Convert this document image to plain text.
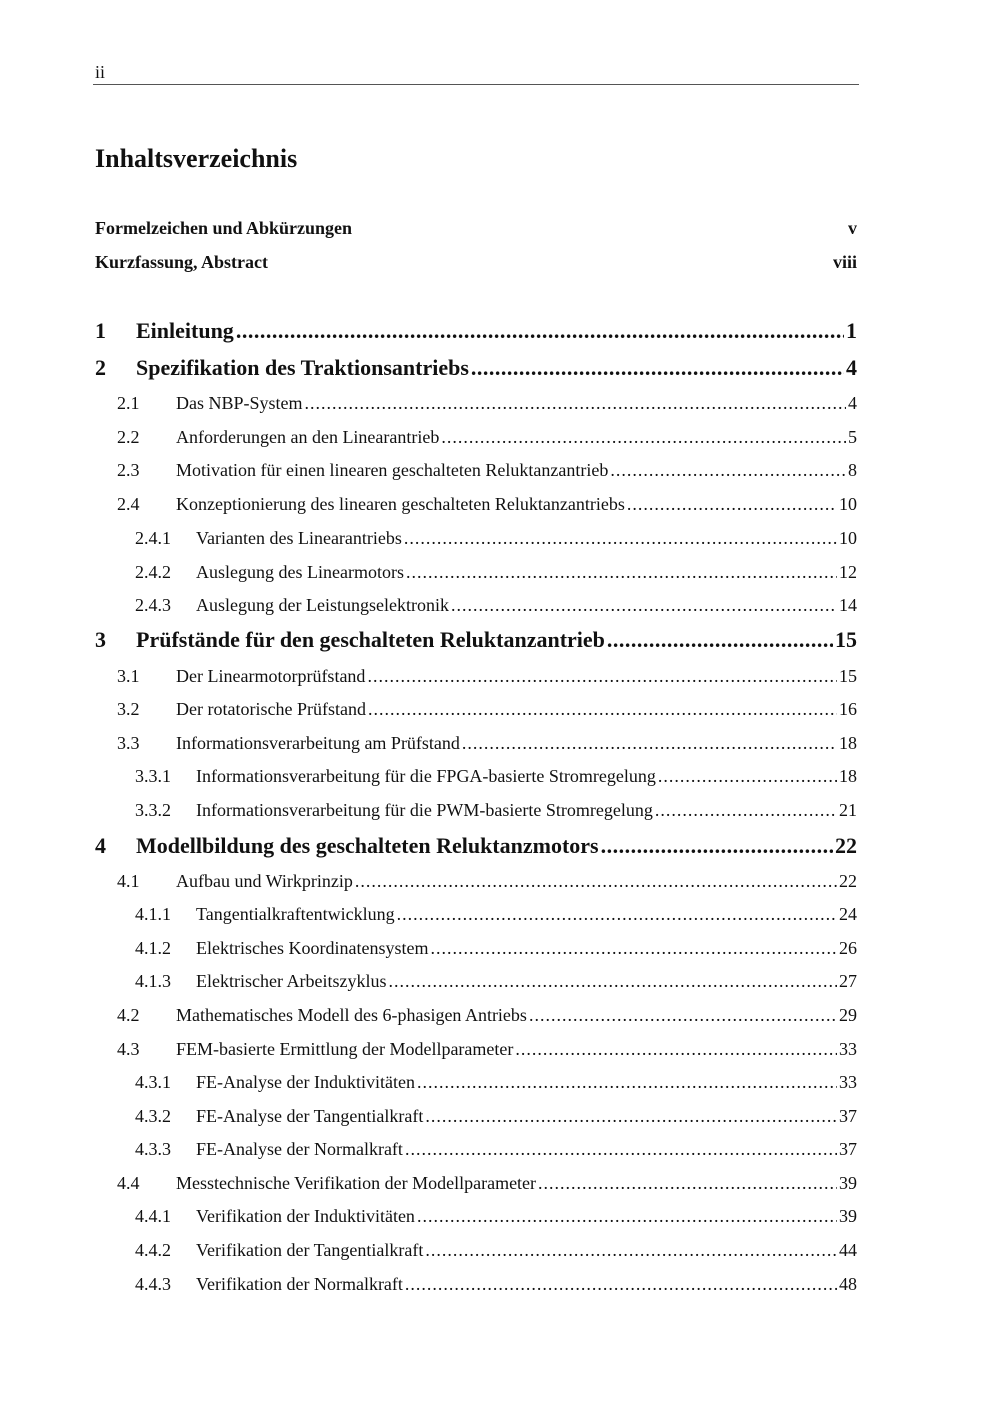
ii
Inhaltsverzeichnis
Formelzeichen und Abkürzungen	v
Kurzfassung, Abstract	viii
1	Einleitung .....	1
2	Spezifikation des Traktionsantriebs .....	4
2.1	Das NBP-System .....	4
2.2	Anforderungen an den Linearantrieb .....	5
2.3	Motivation für einen linearen geschalteten Reluktanzantrieb .....	8
2.4	Konzeptionierung des linearen geschalteten Reluktanzantriebs .....	10
2.4.1	Varianten des Linearantriebs .....	10
2.4.2	Auslegung des Linearmotors .....	12
2.4.3	Auslegung der Leistungselektronik .....	14
3	Prüfstände für den geschalteten Reluktanzantrieb .....	15
3.1	Der Linearmotorprüfstand .....	15
3.2	Der rotatorische Prüfstand .....	16
3.3	Informationsverarbeitung am Prüfstand .....	18
3.3.1	Informationsverarbeitung für die FPGA-basierte Stromregelung .....	18
3.3.2	Informationsverarbeitung für die PWM-basierte Stromregelung .....	21
4	Modellbildung des geschalteten Reluktanzmotors .....	22
4.1	Aufbau und Wirkprinzip .....	22
4.1.1	Tangentialkraftentwicklung .....	24
4.1.2	Elektrisches Koordinatensystem .....	26
4.1.3	Elektrischer Arbeitszyklus .....	27
4.2	Mathematisches Modell des 6-phasigen Antriebs .....	29
4.3	FEM-basierte Ermittlung der Modellparameter .....	33
4.3.1	FE-Analyse der Induktivitäten .....	33
4.3.2	FE-Analyse der Tangentialkraft .....	37
4.3.3	FE-Analyse der Normalkraft .....	37
4.4	Messtechnische Verifikation der Modellparameter .....	39
4.4.1	Verifikation der Induktivitäten .....	39
4.4.2	Verifikation der Tangentialkraft .....	44
4.4.3	Verifikation der Normalkraft .....	48
